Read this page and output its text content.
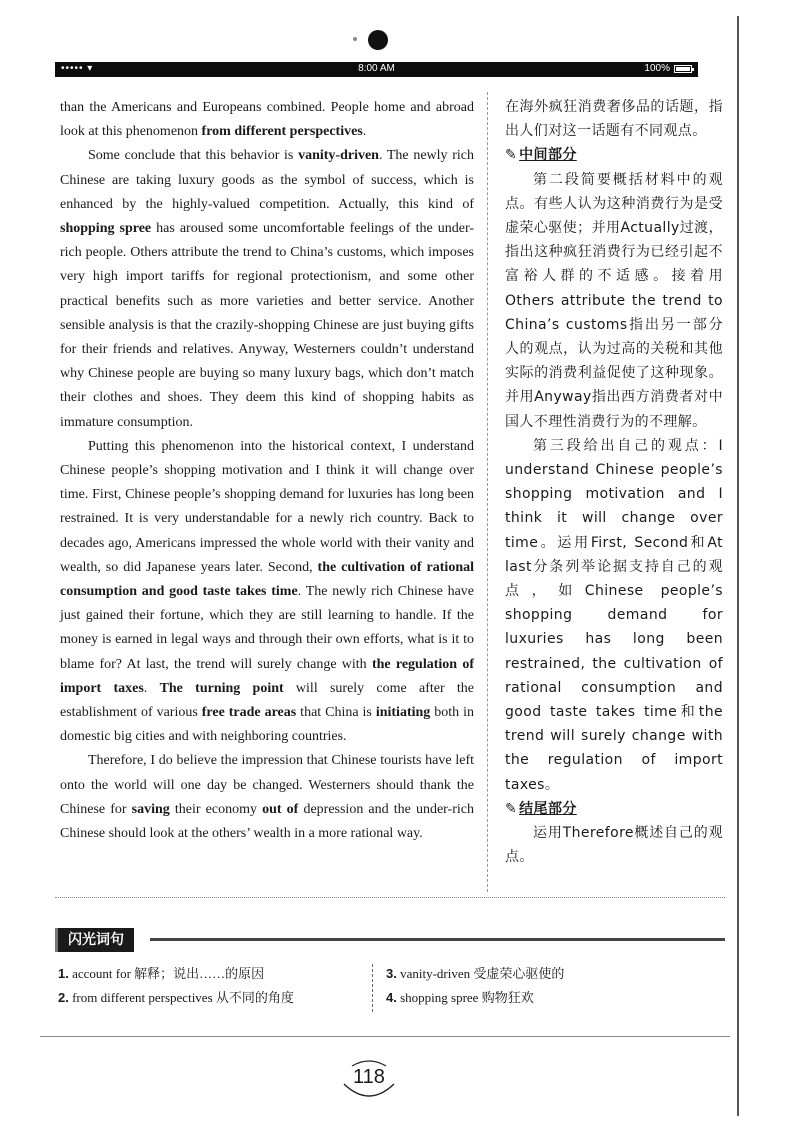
••••• ▾	8:00 AM	100%

than the Americans and Europeans combined. People home and abroad look at this phenomenon from different perspectives.

Some conclude that this behavior is vanity-driven. The newly rich Chinese are taking luxury goods as the symbol of success, which is enhanced by the highly-valued competition. Actually, this kind of shopping spree has aroused some uncomfortable feelings of the under-rich people. Others attribute the trend to China’s customs, which imposes very high import tariffs for regional protectionism, and some other practical benefits such as more varieties and better service. Another sensible analysis is that the crazily-shopping Chinese are just buying gifts for their friends and relatives. Anyway, Westerners couldn’t understand why Chinese people are buying so many luxury bags, which don’t match their clothes and shoes. They deem this kind of shopping habits as immature consumption.

Putting this phenomenon into the historical context, I understand Chinese people’s shopping motivation and I think it will change over time. First, Chinese people’s shopping demand for luxuries has long been restrained. It is very understandable for a newly rich country. Back to decades ago, Americans impressed the whole world with their vanity and wealth, so did Japanese years later. Second, the cultivation of rational consumption and good taste takes time. The newly rich Chinese have just gained their fortune, which they are still learning to handle. If the money is earned in legal ways and through their own efforts, what is it to blame for? At last, the trend will surely change with the regulation of import taxes. The turning point will surely come after the establishment of various free trade areas that China is initiating both in domestic big cities and with neighboring countries.

Therefore, I do believe the impression that Chinese tourists have left onto the world will one day be changed. Westerners should thank the Chinese for saving their economy out of depression and the under-rich Chinese should look at the others’ wealth in a more rational way.

在海外疯狂消费奢侈品的话题，指出人们对这一话题有不同观点。

✎ 中间部分

第二段简要概括材料中的观点。有些人认为这种消费行为是受虚荣心驱使；并用Actually过渡，指出这种疯狂消费行为已经引起不富裕人群的不适感。接着用Others attribute the trend to China’s customs指出另一部分人的观点，认为过高的关税和其他实际的消费利益促使了这种现象。并用Anyway指出西方消费者对中国人不理性消费行为的不理解。

第三段给出自己的观点：I understand Chinese people’s shopping motivation and I think it will change over time。运用First, Second和At last分条列举论据支持自己的观点，如Chinese people’s shopping demand for luxuries has long been restrained, the cultivation of rational consumption and good taste takes time和the trend will surely change with the regulation of import taxes。

✎ 结尾部分

运用Therefore概述自己的观点。

闪光词句
1. account for 解释；说出……的原因
2. from different perspectives 从不同的角度
3. vanity-driven 受虚荣心驱使的
4. shopping spree 购物狂欢
118
